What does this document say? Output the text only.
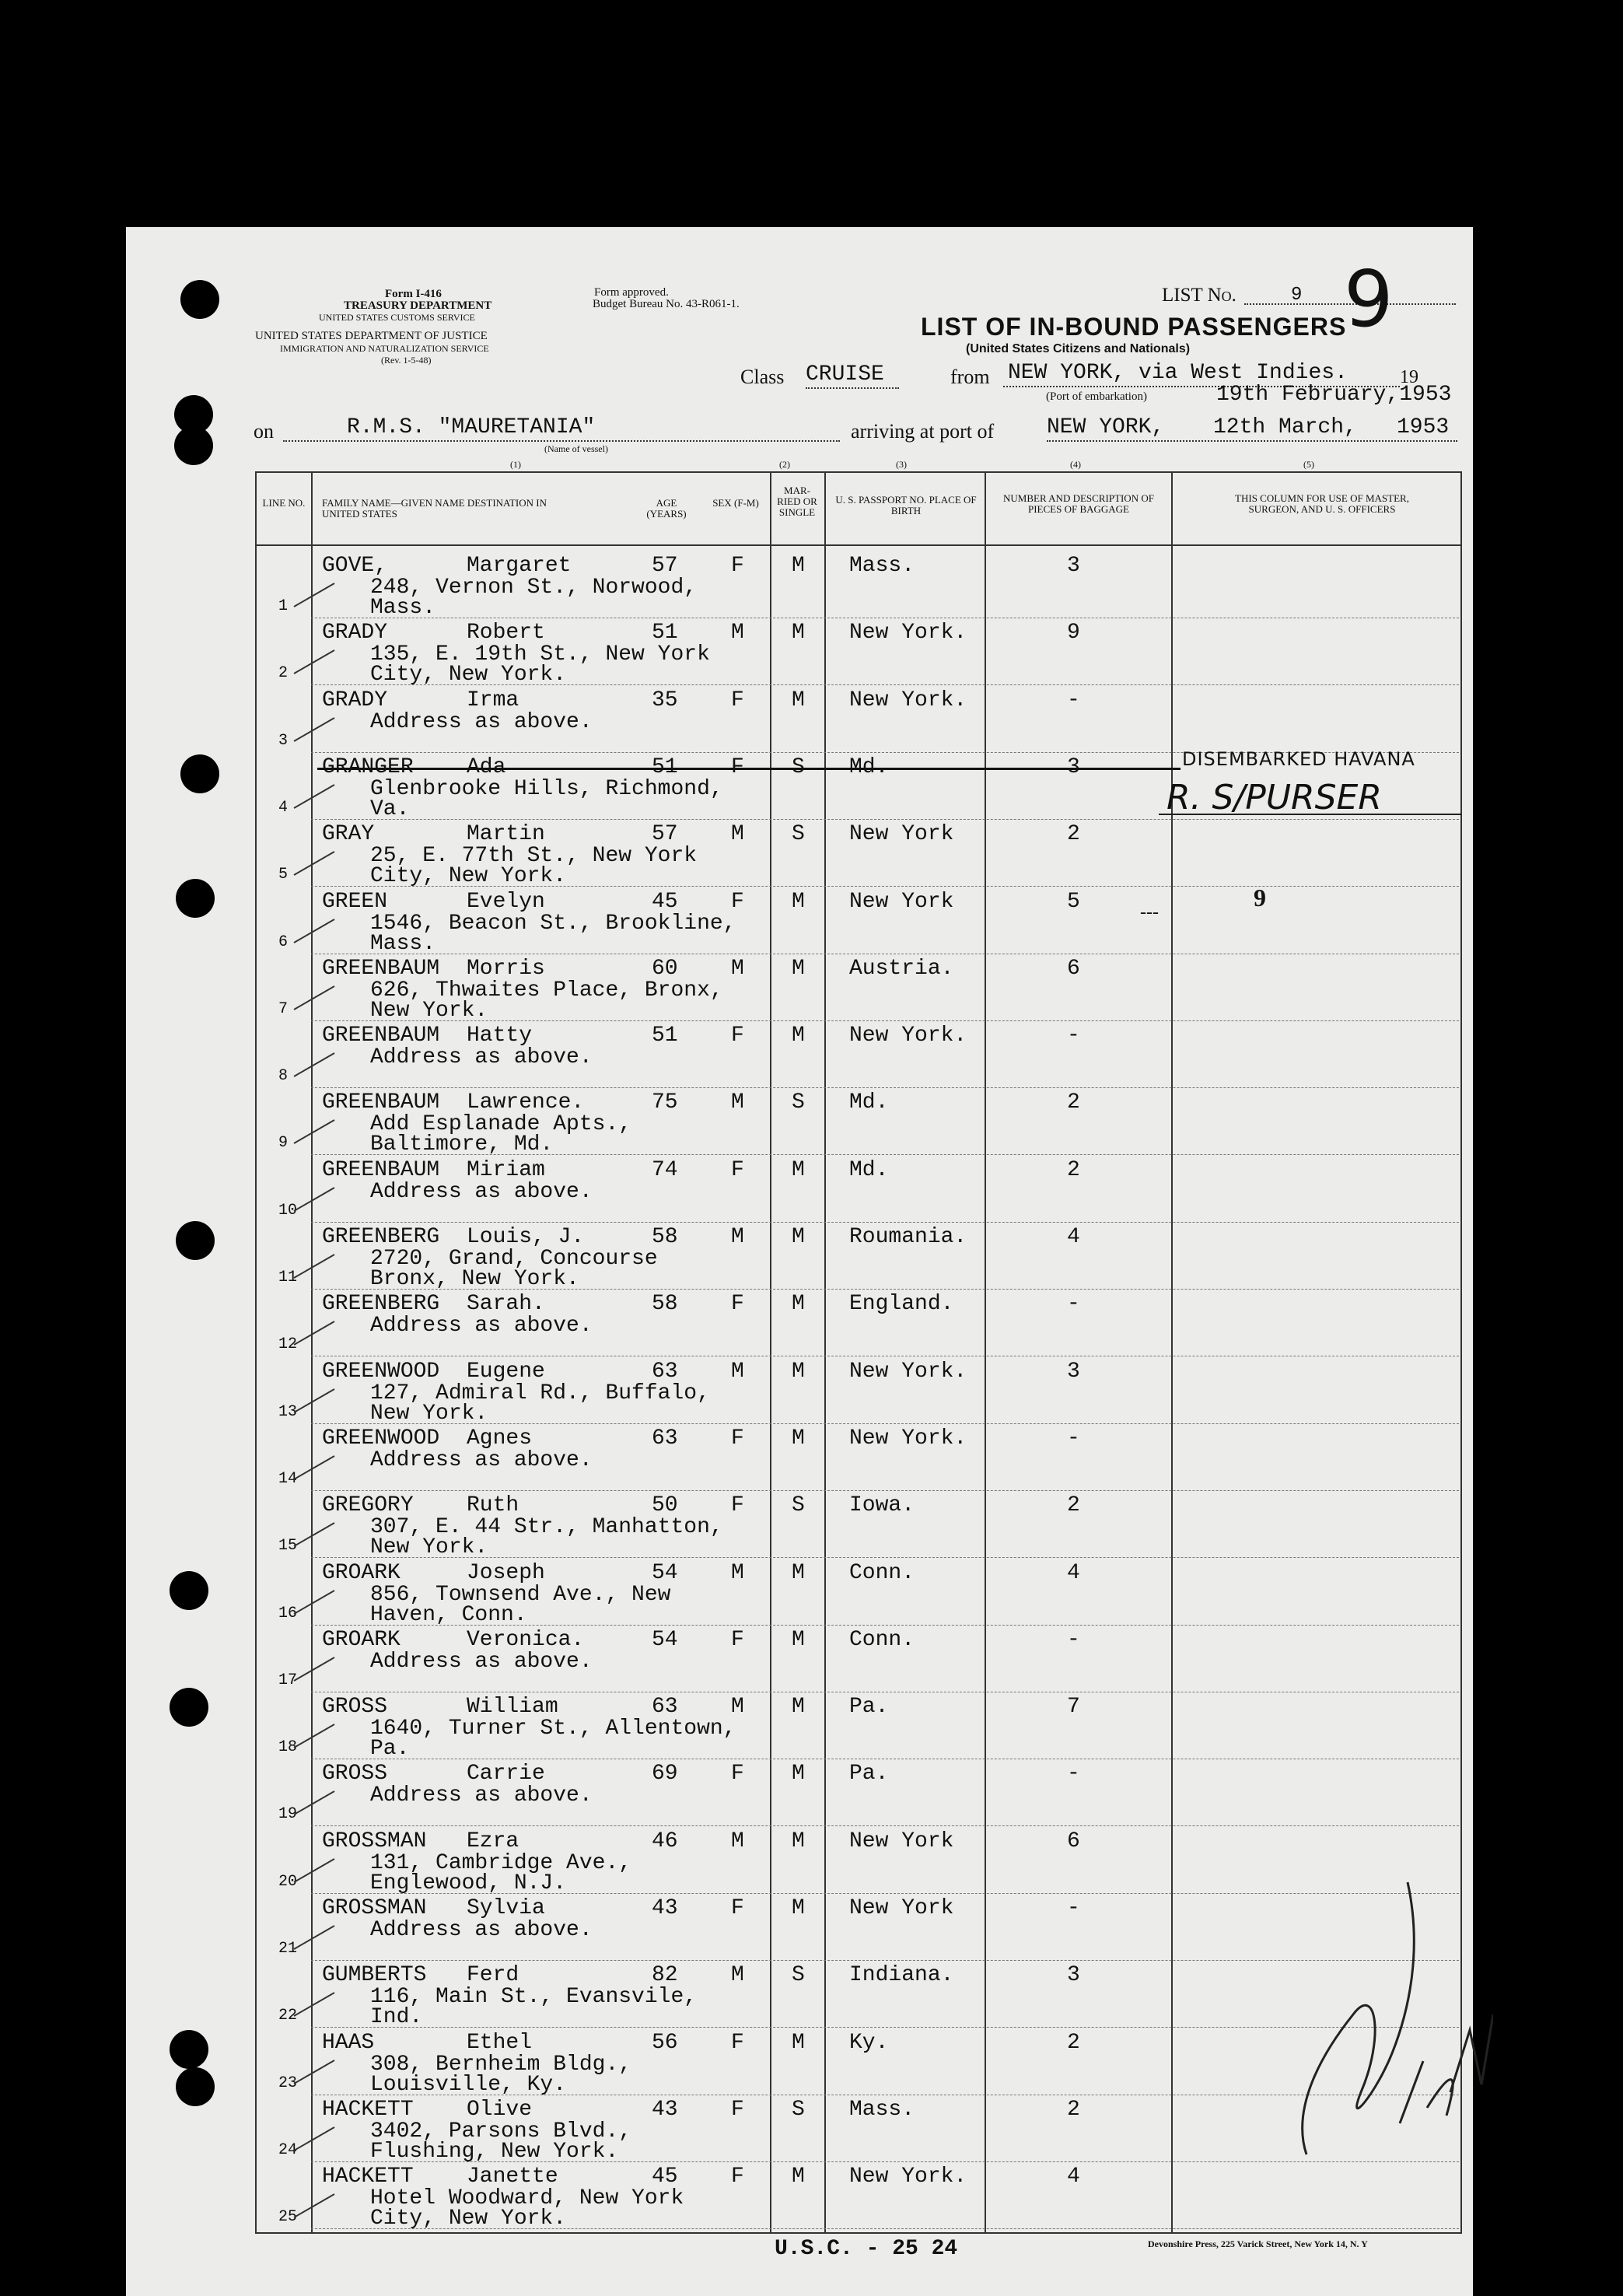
Form I-416
TREASURY DEPARTMENT
UNITED STATES CUSTOMS SERVICE
UNITED STATES DEPARTMENT OF JUSTICE
IMMIGRATION AND NATURALIZATION SERVICE
(Rev. 1-5-48)
Form approved.
Budget Bureau No. 43-R061-1.	LIST No.	9 9
LIST OF IN-BOUND PASSENGERS
(United States Citizens and Nationals)
Class CRUISE	from NEW YORK, via West Indies.	19
(Port of embarkation)	19th February,1953
on	R.M.S. "MAURETANIA"
(Name of vessel)
arriving at port of NEW YORK, 12th March, 1953
(1)	(2)	(3)	(4)	(5)
LINE NO. FAMILY NAME—GIVEN NAME DESTINATION IN UNITED STATES
AGE (YEARS)
SEX (F-M)
MAR-RIED OR SINGLE
U. S. PASSPORT NO. PLACE OF BIRTH
NUMBER AND DESCRIPTION OF PIECES OF BAGGAGE
THIS COLUMN FOR USE OF MASTER, SURGEON, AND U. S. OFFICERS
1
GOVE,	Margaret	57 F M Mass.	3
248, Vernon St., Norwood,
Mass.
2
GRADY	Robert	51 M M New York.	9
135, E. 19th St., New York
City, New York.
3
GRADY	Irma	35 F M New York.	-
Address as above.
4
GRANGER Ada	51 F S Md.	3
Glenbrooke Hills, Richmond,
Va.
5
GRAY	Martin	57 M S New York	2
25, E. 77th St., New York
City, New York.
6
GREEN	Evelyn	45 F M New York	5
1546, Beacon St., Brookline,
Mass.
7
GREENBAUM Morris	60 M M Austria.	6
626, Thwaites Place, Bronx,
New York.
8
GREENBAUM Hatty	51 F M New York.	-
Address as above.
9
GREENBAUM Lawrence.	75 M S Md.	2
Add Esplanade Apts.,
Baltimore, Md.
10
GREENBAUM Miriam	74 F M Md.	2
Address as above.
11
GREENBERG Louis, J.	58 M M Roumania.	4
2720, Grand, Concourse
Bronx, New York.
12
GREENBERG Sarah.	58 F M England.	-
Address as above.
13
GREENWOOD Eugene	63 M M New York.	3
127, Admiral Rd., Buffalo,
New York.
14
GREENWOOD Agnes	63 F M New York.	-
Address as above.
15
GREGORY Ruth	50 F S Iowa.	2
307, E. 44 Str., Manhatton,
New York.
16
GROARK	Joseph	54 M M Conn.	4
856, Townsend Ave., New
Haven, Conn.
17
GROARK	Veronica.	54 F M Conn.	-
Address as above.
18
GROSS	William	63 M M Pa.	7
1640, Turner St., Allentown,
Pa.
19
GROSS	Carrie	69 F M Pa.	-
Address as above.
20
GROSSMAN Ezra	46 M M New York	6
131, Cambridge Ave.,
Englewood, N.J.
21
GROSSMAN Sylvia	43 F M New York	-
Address as above.
22
GUMBERTS Ferd	82 M S Indiana.	3
116, Main St., Evansvile,
Ind.
23
HAAS	Ethel	56 F M Ky.	2
308, Bernheim Bldg.,
Louisville, Ky.
24
HACKETT Olive	43 F S Mass.	2
3402, Parsons Blvd.,
Flushing, New York.
25
HACKETT Janette	45 F M New York.	4
Hotel Woodward, New York
City, New York.
DISEMBARKED HAVANA
R. S/PURSER
9
---
U.S.C. - 25 24	Devonshire Press, 225 Varick Street, New York 14, N. Y
